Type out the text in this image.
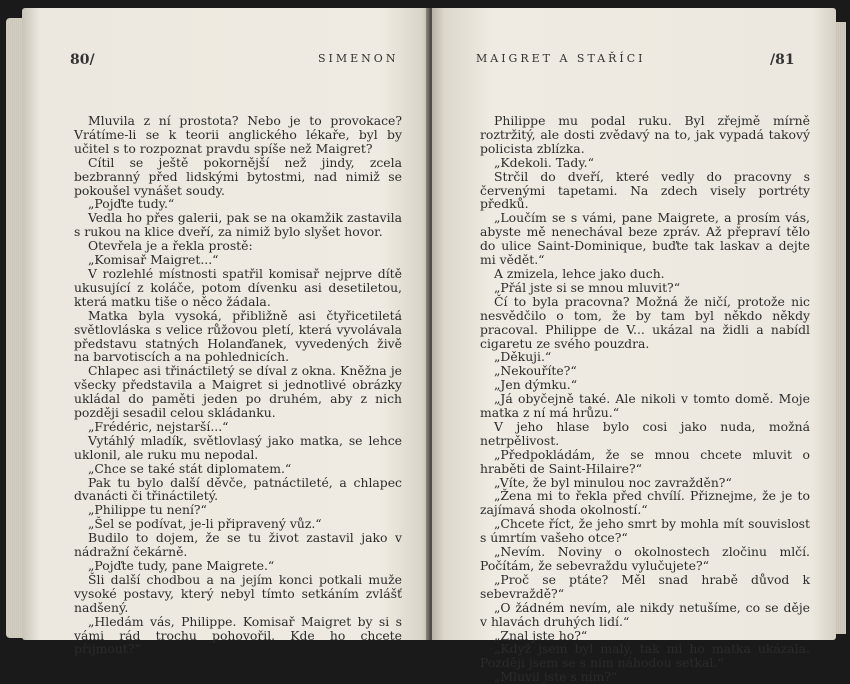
80/	SIMENON

Mluvila z ní prostota? Nebo je to provokace? Vrátíme-li se k teorii anglického lékaře, byl by učitel s to rozpoznat pravdu spíše než Maigret?

Cítil se ještě pokornější než jindy, zcela bezbranný před lidskými bytostmi, nad nimiž se pokoušel vynášet soudy.

„Pojďte tudy.“

Vedla ho přes galerii, pak se na okamžik zastavila s rukou na klice dveří, za nimiž bylo slyšet hovor.

Otevřela je a řekla prostě:

„Komisař Maigret...“

V rozlehlé místnosti spatřil komisař nejprve dítě ukusující z koláče, potom dívenku asi desetiletou, která matku tiše o něco žádala.

Matka byla vysoká, přibližně asi čtyřicetiletá světlovláska s velice růžovou pletí, která vyvolávala představu statných Holanďanek, vyvedených živě na barvotiscích a na pohlednicích.

Chlapec asi třináctiletý se díval z okna. Kněžna je všecky představila a Maigret si jednotlivé obrázky ukládal do paměti jeden po druhém, aby z nich později sesadil celou skládanku.

„Frédéric, nejstarší...“

Vytáhlý mladík, světlovlasý jako matka, se lehce uklonil, ale ruku mu nepodal.

„Chce se také stát diplomatem.“

Pak tu bylo další děvče, patnáctileté, a chlapec dvanácti či třináctiletý.

„Philippe tu není?“

„Šel se podívat, je-li připravený vůz.“

Budilo to dojem, že se tu život zastavil jako v nádražní čekárně.

„Pojďte tudy, pane Maigrete.“

Šli další chodbou a na jejím konci potkali muže vysoké postavy, který nebyl tímto setkáním zvlášť nadšený.

„Hledám vás, Philippe. Komisař Maigret by si s vámi rád trochu pohovořil. Kde ho chcete přijmout?“

MAIGRET A STAŘÍCI	/81

Philippe mu podal ruku. Byl zřejmě mírně roztržitý, ale dosti zvědavý na to, jak vypadá takový policista zblízka.

„Kdekoli. Tady.“

Strčil do dveří, které vedly do pracovny s červenými tapetami. Na zdech visely portréty předků.

„Loučím se s vámi, pane Maigrete, a prosím vás, abyste mě nenechával beze zpráv. Až přepraví tělo do ulice Saint-Dominique, buďte tak laskav a dejte mi vědět.“

A zmizela, lehce jako duch.

„Přál jste si se mnou mluvit?“

Čí to byla pracovna? Možná že ničí, protože nic nesvědčilo o tom, že by tam byl někdo někdy pracoval. Philippe de V... ukázal na židli a nabídl cigaretu ze svého pouzdra.

„Děkuji.“

„Nekouříte?“

„Jen dýmku.“

„Já obyčejně také. Ale nikoli v tomto domě. Moje matka z ní má hrůzu.“

V jeho hlase bylo cosi jako nuda, možná netrpělivost.

„Předpokládám, že se mnou chcete mluvit o hraběti de Saint-Hilaire?“

„Víte, že byl minulou noc zavražděn?“

„Žena mi to řekla před chvílí. Přiznejme, že je to zajímavá shoda okolností.“

„Chcete říct, že jeho smrt by mohla mít souvislost s úmrtím vašeho otce?“

„Nevím. Noviny o okolnostech zločinu mlčí. Počítám, že sebevraždu vylučujete?“

„Proč se ptáte? Měl snad hrabě důvod k sebevraždě?“

„O žádném nevím, ale nikdy netušíme, co se děje v hlavách druhých lidí.“

„Znal jste ho?“

„Když jsem byl malý, tak mi ho matka ukázala. Později jsem se s ním náhodou setkal.“

„Mluvil jste s ním?“
